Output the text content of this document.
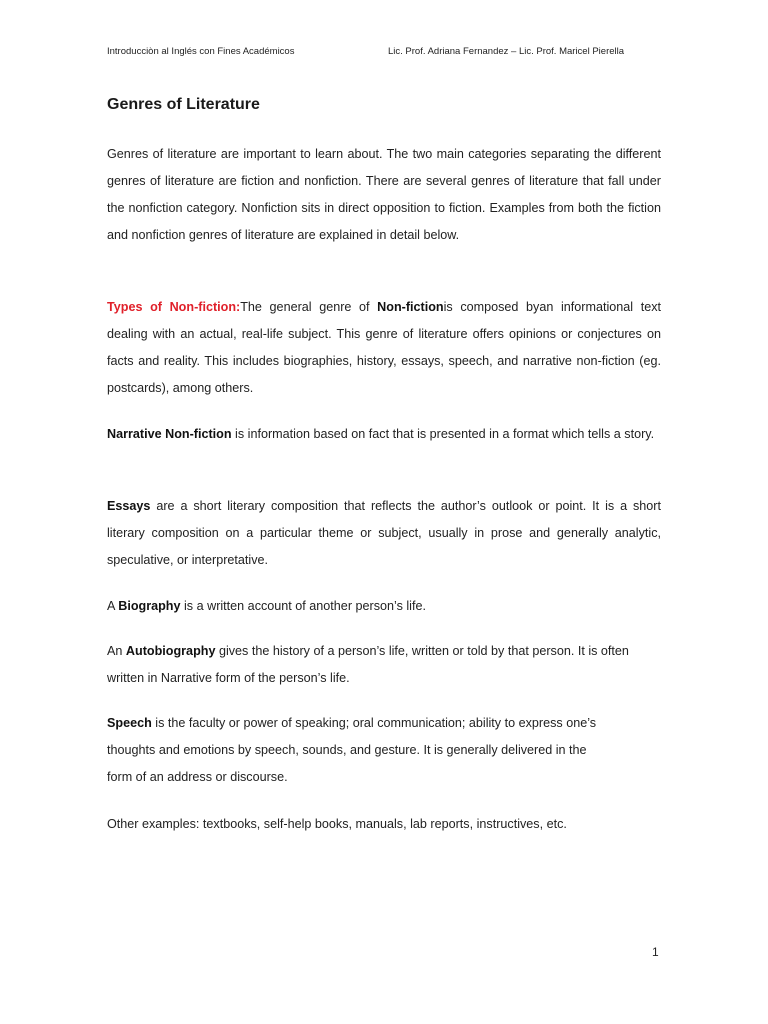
Introducciòn al Inglés con Fines Académicos	Lic. Prof. Adriana Fernandez – Lic. Prof. Maricel Pierella
Genres of Literature

Genres of literature are important to learn about. The two main categories separating the different genres of literature are fiction and nonfiction. There are several genres of literature that fall under the nonfiction category. Nonfiction sits in direct opposition to fiction. Examples from both the fiction and nonfiction genres of literature are explained in detail below.

Types of Non-fiction:The general genre of Non-fictionis composed byan informational text dealing with an actual, real-life subject. This genre of literature offers opinions or conjectures on facts and reality. This includes biographies, history, essays, speech, and narrative non-fiction (eg. postcards), among others.

Narrative Non-fiction is information based on fact that is presented in a format which tells a story.

Essays are a short literary composition that reflects the author’s outlook or point. It is a short literary composition on a particular theme or subject, usually in prose and generally analytic, speculative, or interpretative.

A Biography is a written account of another person’s life.

An Autobiography gives the history of a person’s life, written or told by that person. It is often written in Narrative form of the person’s life.

Speech is the faculty or power of speaking; oral communication; ability to express one’s
thoughts and emotions by speech, sounds, and gesture. It is generally delivered in the
form of an address or discourse.

Other examples: textbooks, self-help books, manuals, lab reports, instructives, etc.

1
